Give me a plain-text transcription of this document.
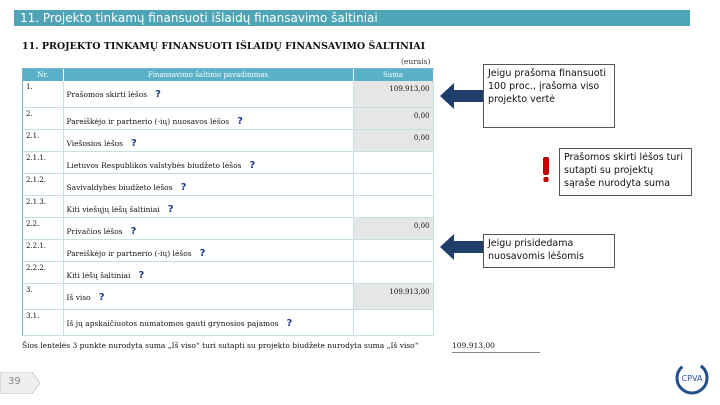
11. Projekto tinkamų finansuoti išlaidų finansavimo šaltiniai
11. PROJEKTO TINKAMŲ FINANSUOTI IŠLAIDŲ FINANSAVIMO ŠALTINIAI
(eurais)
Nr.	Finansavimo šaltinio pavadinimas	Suma
1.	Prašomos skirti lėšos ?	109.913,00
2.	Pareiškėjo ir partnerio (-ių) nuosavos lėšos ?	0,00
2.1.	Viešosios lėšos ?	0,00
2.1.1.	Lietuvos Respublikos valstybės biudžeto lėšos ?	
2.1.2.	Savivaldybės biudžeto lėšos ?	
2.1.3.	Kiti viešųjų lėšų šaltiniai ?	
2.2.	Privačios lėšos ?	0,00
2.2.1.	Pareiškėjo ir partnerio (-ių) lėšos ?	
2.2.2.	Kiti lėšų šaltiniai ?	
3.	Iš viso ?	109.913,00
3.1.	Iš jų apskaičiuotos numatomos gauti grynosios pajamos ?	
Šios lentelės 3 punkte nurodyta suma „Iš viso“ turi sutapti su projekto biudžete nurodyta suma „Iš viso“	109.913,00
Jeigu prašoma finansuoti 100 proc., įrašoma viso projekto vertė
Prašomos skirti lėšos turi sutapti su projektų sąraše nurodyta suma
Jeigu prisidedama nuosavomis lėšomis
39	CPVA
